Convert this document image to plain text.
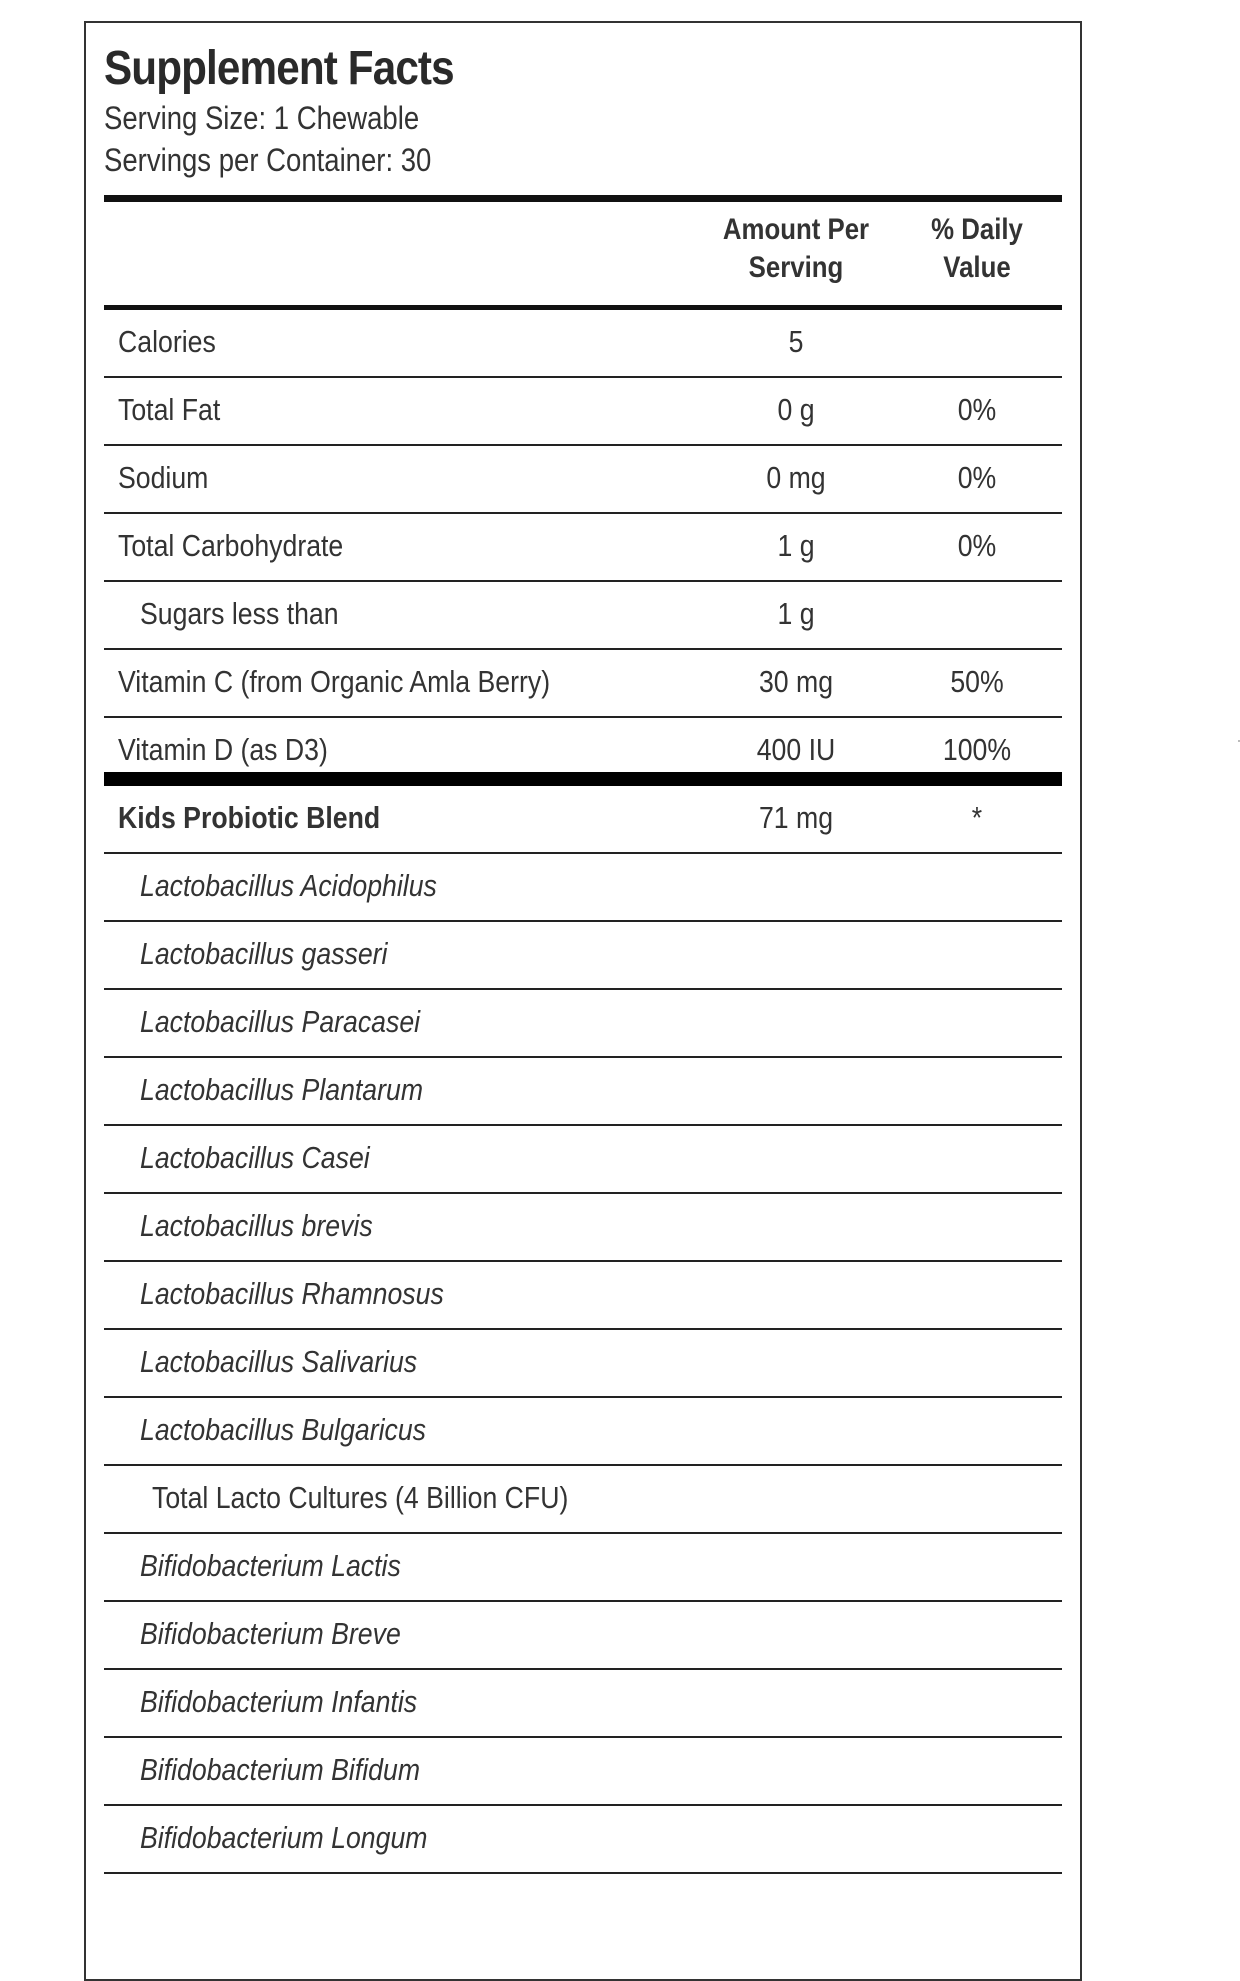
Supplement Facts
Serving Size: 1 Chewable
Servings per Container: 30
Amount Per
Serving
% Daily
Value
Calories	5
Total Fat	0 g	0%
Sodium	0 mg	0%
Total Carbohydrate	1 g	0%
Sugars less than	1 g
Vitamin C (from Organic Amla Berry)	30 mg	50%
Vitamin D (as D3)	400 IU	100%
Kids Probiotic Blend	71 mg	*
Lactobacillus Acidophilus
Lactobacillus gasseri
Lactobacillus Paracasei
Lactobacillus Plantarum
Lactobacillus Casei
Lactobacillus brevis
Lactobacillus Rhamnosus
Lactobacillus Salivarius
Lactobacillus Bulgaricus
Total Lacto Cultures (4 Billion CFU)
Bifidobacterium Lactis
Bifidobacterium Breve
Bifidobacterium Infantis
Bifidobacterium Bifidum
Bifidobacterium Longum
